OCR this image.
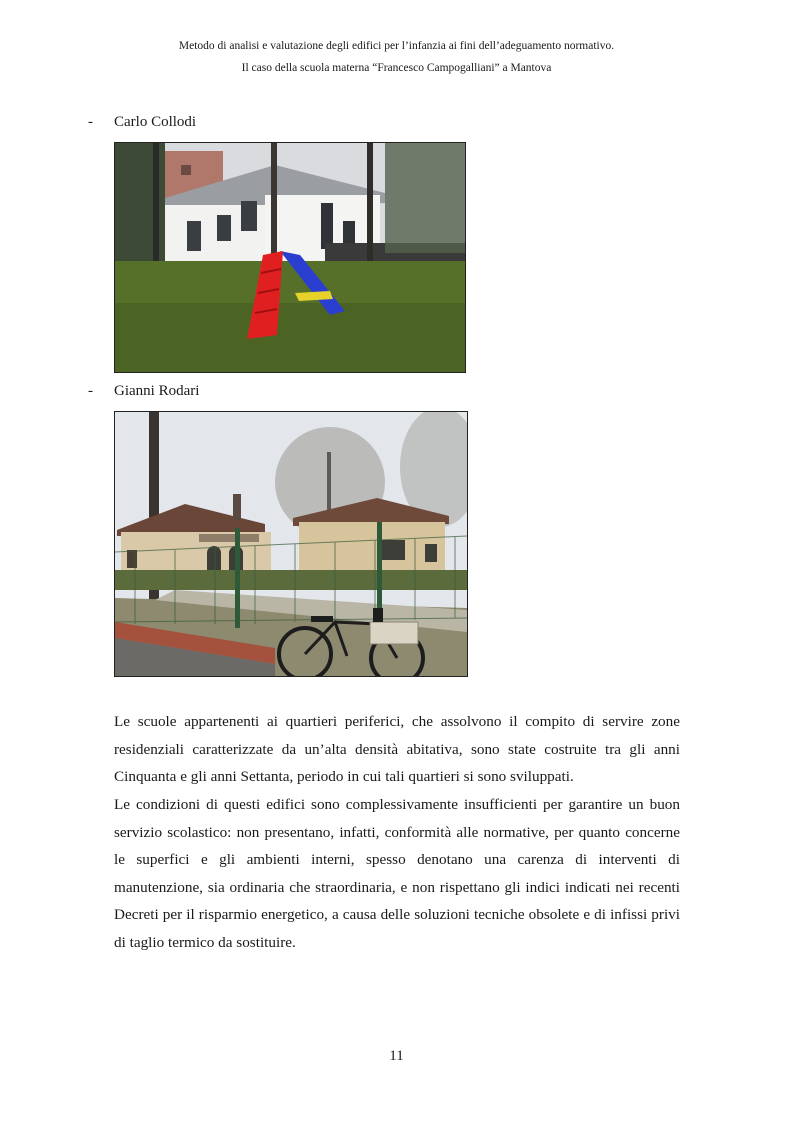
Metodo di analisi e valutazione degli edifici per l’infanzia ai fini dell’adeguamento normativo.
Il caso della scuola materna “Francesco Campogalliani” a Mantova
- Carlo Collodi
- Gianni Rodari

Le scuole appartenenti ai quartieri periferici, che assolvono il compito di servire zone residenziali caratterizzate da un’alta densità abitativa, sono state costruite tra gli anni Cinquanta e gli anni Settanta, periodo in cui tali quartieri si sono sviluppati.

Le condizioni di questi edifici sono complessivamente insufficienti per garantire un buon servizio scolastico: non presentano, infatti, conformità alle normative, per quanto concerne le superfici e gli ambienti interni, spesso denotano una carenza di interventi di manutenzione, sia ordinaria che straordinaria, e non rispettano gli indici indicati nei recenti Decreti per il risparmio energetico, a causa delle soluzioni tecniche obsolete e di infissi privi di taglio termico da sostituire.

11
